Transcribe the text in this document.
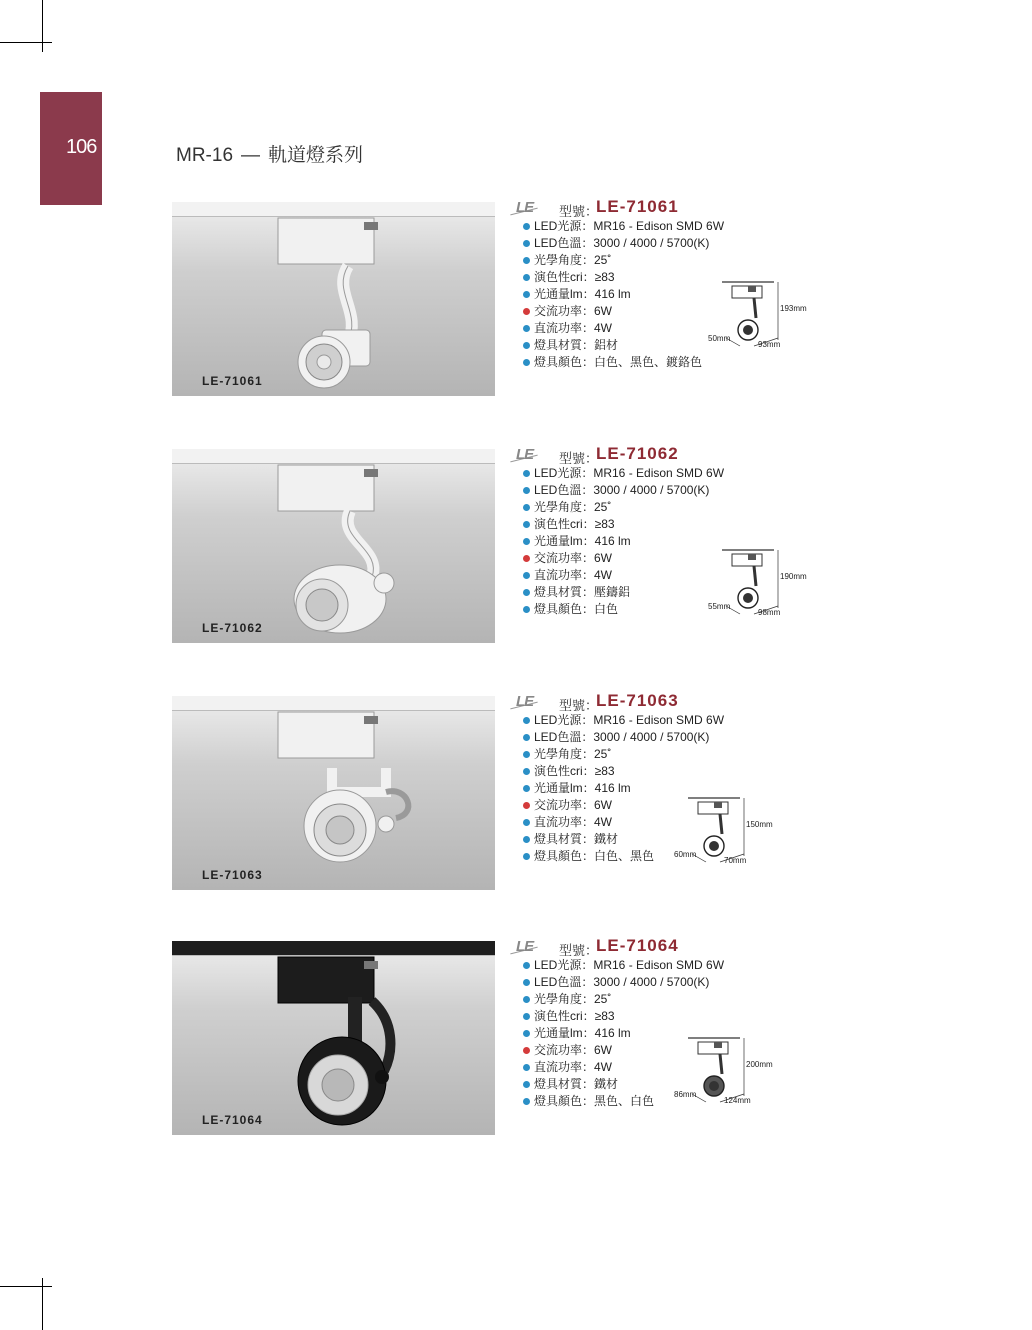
106	MR-16 — 軌道燈系列
LE-71061
LE 型號：
LE-71061
LED光源：MR16 - Edison SMD 6W
LED色溫：3000 / 4000 / 5700(K)
光學角度：25˚
演色性cri：≥83
光通量lm：416 lm
交流功率：6W
直流功率：4W
燈具材質：鋁材
燈具顏色：白色、黑色、鍍鉻色
193mm
50mm
93mm
LE-71062
LE 型號：
LE-71062
LED光源：MR16 - Edison SMD 6W
LED色溫：3000 / 4000 / 5700(K)
光學角度：25˚
演色性cri：≥83
光通量lm：416 lm
交流功率：6W
直流功率：4W
燈具材質：壓鑄鋁
燈具顏色：白色
190mm
55mm
98mm
LE-71063
LE 型號：
LE-71063
LED光源：MR16 - Edison SMD 6W
LED色溫：3000 / 4000 / 5700(K)
光學角度：25˚
演色性cri：≥83
光通量lm：416 lm
交流功率：6W
直流功率：4W
燈具材質：鐵材
燈具顏色：白色、黑色
150mm
60mm
70mm
LE-71064
LE 型號：
LE-71064
LED光源：MR16 - Edison SMD 6W
LED色溫：3000 / 4000 / 5700(K)
光學角度：25˚
演色性cri：≥83
光通量lm：416 lm
交流功率：6W
直流功率：4W
燈具材質：鐵材
燈具顏色：黑色、白色
200mm
86mm
124mm
